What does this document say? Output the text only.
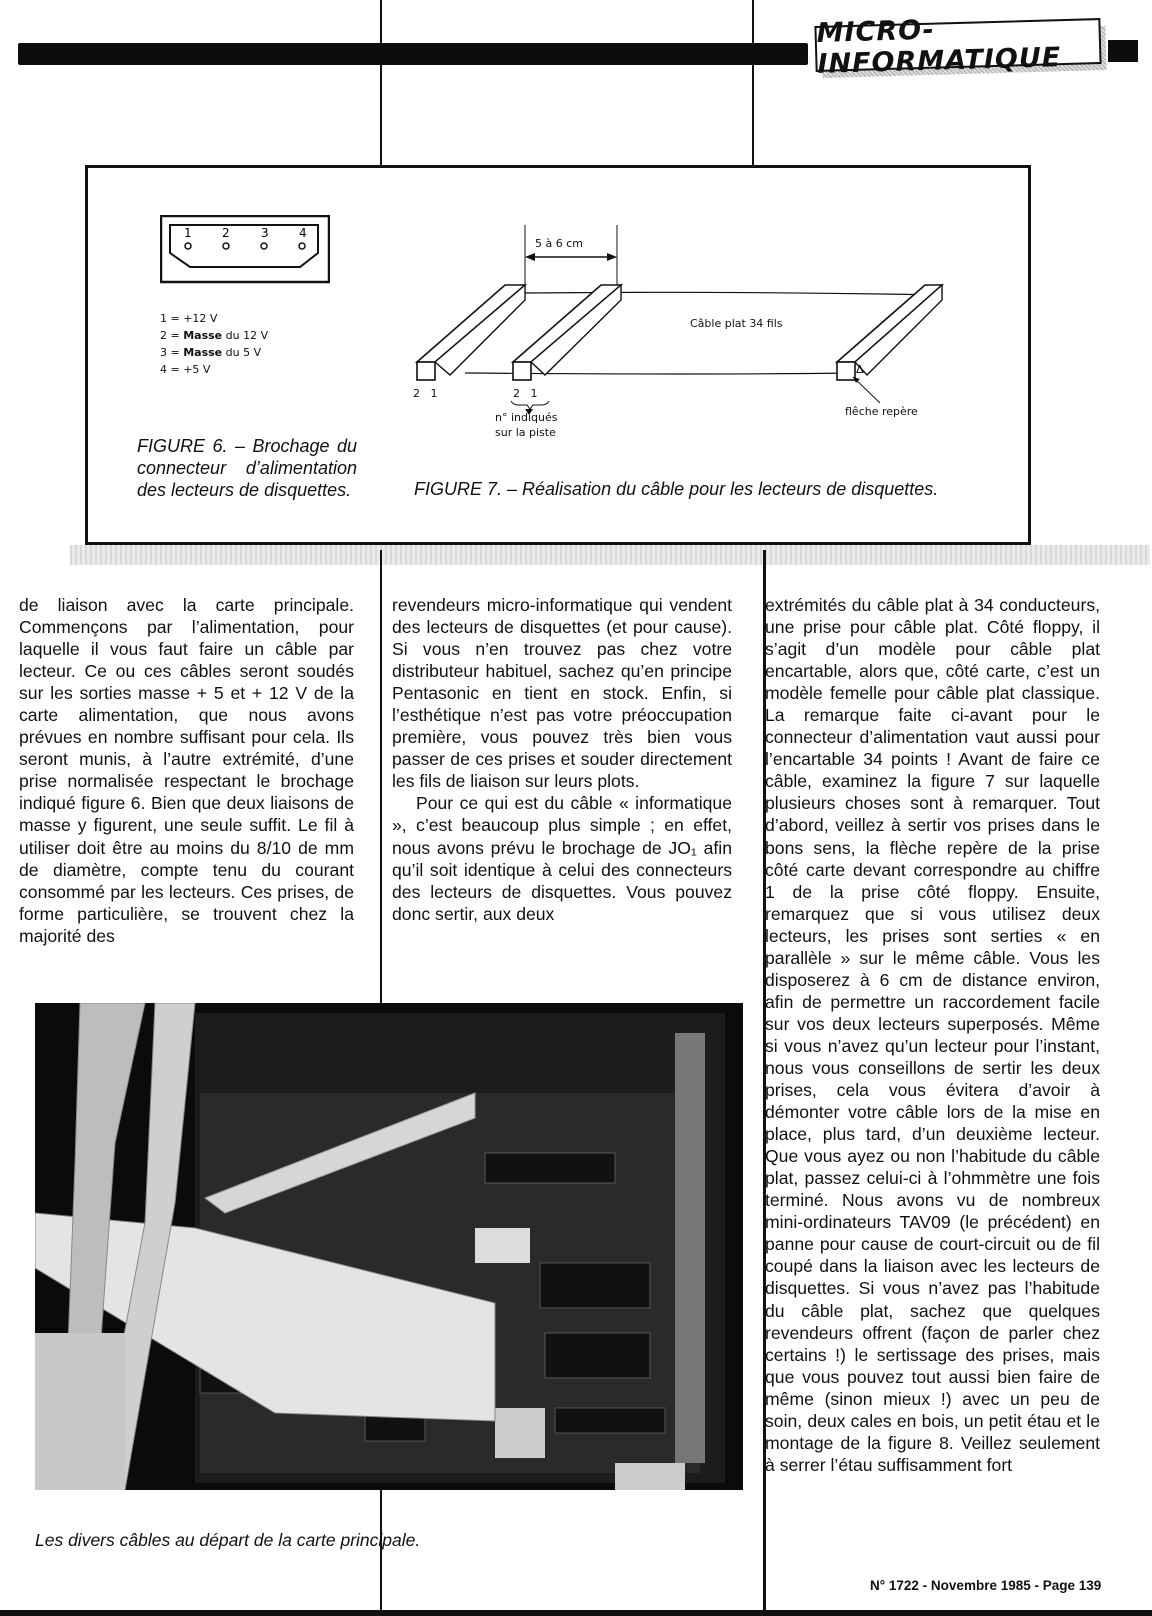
MICRO-INFORMATIQUE
1	2	3	4
1 = +12 V
2 = Masse du 12 V
3 = Masse du 5 V
4 = +5 V
FIGURE 6. – Brochage du connecteur d’alimentation des lecteurs de disquettes.
5 à 6 cm
Δ
Câble plat 34 fils
2   1	2   1
n° indiqués
sur la piste
flêche repère
FIGURE 7. – Réalisation du câble pour les lecteurs de disquettes.

de liaison avec la carte principale. Commençons par l’alimentation, pour laquelle il vous faut faire un câble par lecteur. Ce ou ces câbles seront soudés sur les sorties masse + 5 et + 12 V de la carte alimentation, que nous avons prévues en nombre suffisant pour cela. Ils seront munis, à l’autre extrémité, d’une prise normalisée respectant le brochage indiqué figure 6. Bien que deux liaisons de masse y figurent, une seule suffit. Le fil à utiliser doit être au moins du 8/10 de mm de diamètre, compte tenu du courant consommé par les lecteurs. Ces prises, de forme particulière, se trouvent chez la majorité des

revendeurs micro-informatique qui vendent des lecteurs de disquettes (et pour cause). Si vous n’en trouvez pas chez votre distributeur habituel, sachez qu’en principe Pentasonic en tient en stock. Enfin, si l’esthétique n’est pas votre préoccupation première, vous pouvez très bien vous passer de ces prises et souder directement les fils de liaison sur leurs plots.

Pour ce qui est du câble « informatique », c’est beaucoup plus simple ; en effet, nous avons prévu le brochage de JO₁ afin qu’il soit identique à celui des connecteurs des lecteurs de disquettes. Vous pouvez donc sertir, aux deux

extrémités du câble plat à 34 conducteurs, une prise pour câble plat. Côté floppy, il s’agit d’un modèle pour câble plat encartable, alors que, côté carte, c’est un modèle femelle pour câble plat classique. La remarque faite ci-avant pour le connecteur d’alimentation vaut aussi pour l’encartable 34 points ! Avant de faire ce câble, examinez la figure 7 sur laquelle plusieurs choses sont à remarquer. Tout d’abord, veillez à sertir vos prises dans le bons sens, la flèche repère de la prise côté carte devant correspondre au chiffre 1 de la prise côté floppy. Ensuite, remarquez que si vous utilisez deux lecteurs, les prises sont serties « en parallèle » sur le même câble. Vous les disposerez à 6 cm de distance environ, afin de permettre un raccordement facile sur vos deux lecteurs superposés. Même si vous n’avez qu’un lecteur pour l’instant, nous vous conseillons de sertir les deux prises, cela vous évitera d’avoir à démonter votre câble lors de la mise en place, plus tard, d’un deuxième lecteur. Que vous ayez ou non l’habitude du câble plat, passez celui-ci à l’ohmmètre une fois terminé. Nous avons vu de nombreux mini-ordinateurs TAV09 (le précédent) en panne pour cause de court-circuit ou de fil coupé dans la liaison avec les lecteurs de disquettes. Si vous n’avez pas l’habitude du câble plat, sachez que quelques revendeurs offrent (façon de parler chez certains !) le sertissage des prises, mais que vous pouvez tout aussi bien faire de même (sinon mieux !) avec un peu de soin, deux cales en bois, un petit étau et le montage de la figure 8. Veillez seulement à serrer l’étau suffisamment fort

Les divers câbles au départ de la carte principale.
N° 1722 - Novembre 1985 - Page 139
